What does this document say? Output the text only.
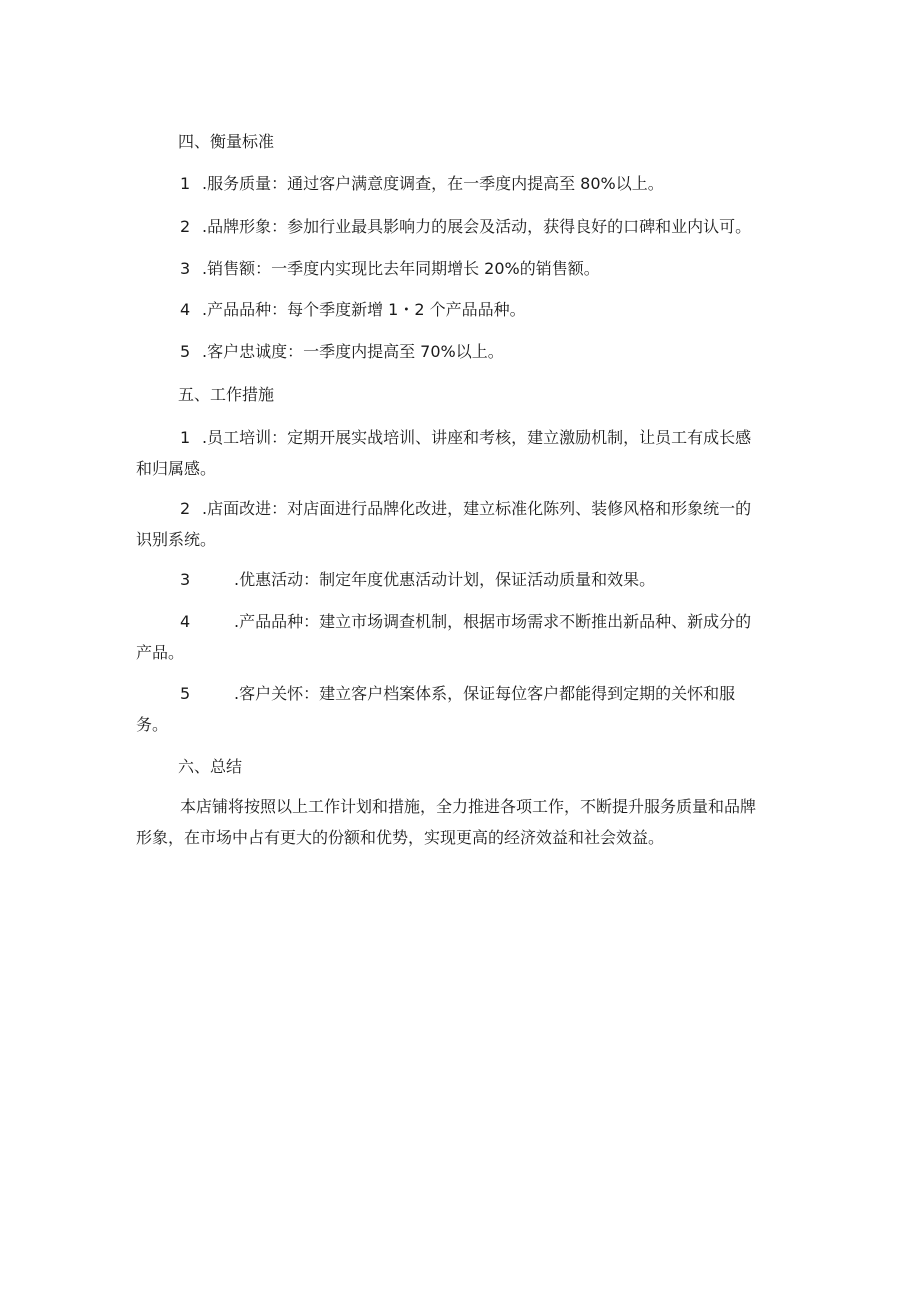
四、衡量标准
1 .服务质量：通过客户满意度调查，在一季度内提高至 80%以上。
2 .品牌形象：参加行业最具影响力的展会及活动，获得良好的口碑和业内认可。
3 .销售额：一季度内实现比去年同期增长 20%的销售额。
4 .产品品种：每个季度新增 1・2 个产品品种。
5 .客户忠诚度：一季度内提高至 70%以上。
五、工作措施
1 .员工培训：定期开展实战培训、讲座和考核，建立激励机制，让员工有成长感
和归属感。
2 .店面改进：对店面进行品牌化改进，建立标准化陈列、装修风格和形象统一的
识别系统。
3	.优惠活动：制定年度优惠活动计划，保证活动质量和效果。
4	.产品品种：建立市场调查机制，根据市场需求不断推出新品种、新成分的
产品。
5	.客户关怀：建立客户档案体系，保证每位客户都能得到定期的关怀和服
务。
六、总结
本店铺将按照以上工作计划和措施，全力推进各项工作，不断提升服务质量和品牌
形象，在市场中占有更大的份额和优势，实现更高的经济效益和社会效益。
